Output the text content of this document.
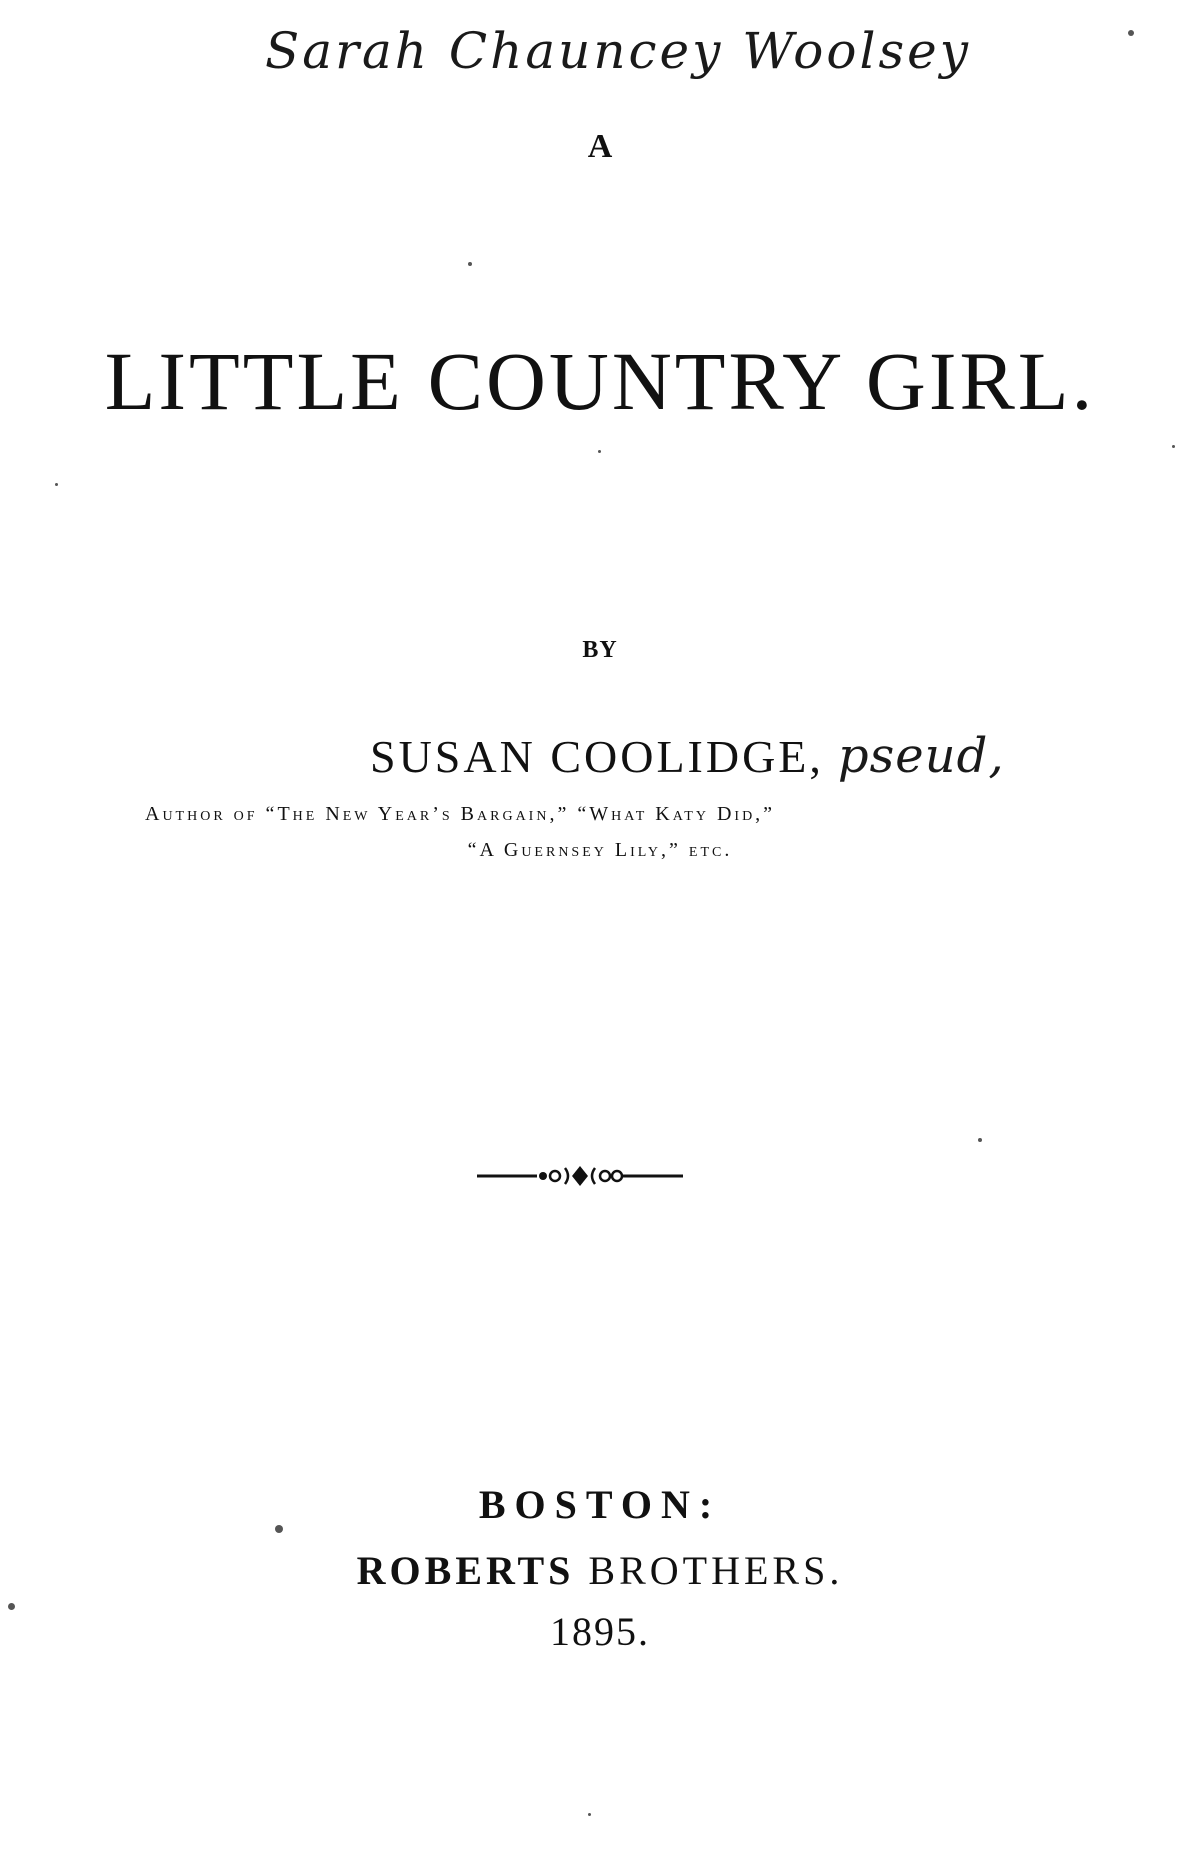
Sarah Chauncey Woolsey
A
LITTLE COUNTRY GIRL.
BY
SUSAN COOLIDGE, pseud,
Author of “The New Year’s Bargain,” “What Katy Did,”
“A Guernsey Lily,” etc.
BOSTON:
ROBERTS BROTHERS.
1895.
